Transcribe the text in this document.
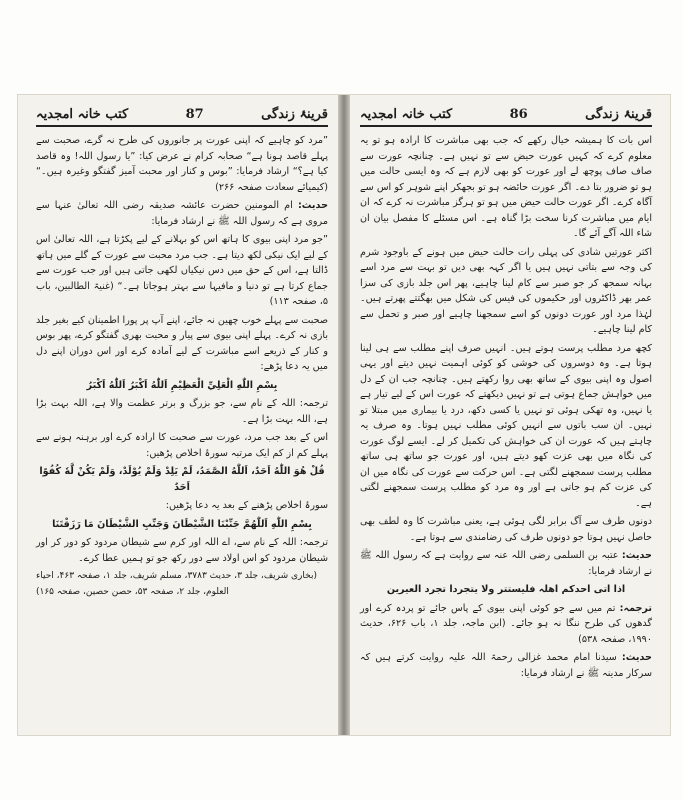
قرینۂ زندگی
87
کتب خانہ امجدیہ

”مرد کو چاہیے کہ اپنی عورت پر جانوروں کی طرح نہ گرے، صحبت سے پہلے قاصد ہونا ہے“ صحابہ کرام نے عرض کیا: ”یا رسول اللہ! وہ قاصد کیا ہے؟“ ارشاد فرمایا: ”بوس و کنار اور محبت آمیز گفتگو وغیرہ ہیں۔“ (کیمیائے سعادت صفحہ ۲۶۶)

حدیث: ام المومنین حضرت عائشہ صدیقہ رضی اللہ تعالیٰ عنہا سے مروی ہے کہ رسول اللہ ﷺ نے ارشاد فرمایا:

”جو مرد اپنی بیوی کا ہاتھ اس کو بہلانے کے لیے پکڑتا ہے، اللہ تعالیٰ اس کے لیے ایک نیکی لکھ دیتا ہے۔ جب مرد محبت سے عورت کے گلے میں ہاتھ ڈالتا ہے، اس کے حق میں دس نیکیاں لکھی جاتی ہیں اور جب عورت سے جماع کرتا ہے تو دنیا و مافیہا سے بہتر ہوجاتا ہے۔“ (غنیۃ الطالبین، باب ۵، صفحہ ۱۱۳)

صحبت سے پہلے خوب چھین نہ جائے، اپنے آپ پر پورا اطمینان کیے بغیر جلد بازی نہ کرے۔ پہلے اپنی بیوی سے پیار و محبت بھری گفتگو کرے، پھر بوس و کنار کے ذریعے اسے مباشرت کے لیے آمادہ کرے اور اس دوران اپنے دل میں یہ دعا پڑھے:

بِسْمِ اللّٰهِ الْعَلِيِّ الْعَظِيْمِ اَللّٰهُ اَكْبَرُ اَللّٰهُ اَكْبَرُ

ترجمہ: اللہ کے نام سے، جو بزرگ و برتر عظمت والا ہے، اللہ بہت بڑا ہے، اللہ بہت بڑا ہے۔

اس کے بعد جب مرد، عورت سے صحبت کا ارادہ کرے اور برہنہ ہونے سے پہلے کم از کم ایک مرتبہ سورۂ اخلاص پڑھیں:

قُلْ هُوَ اللّٰهُ اَحَدٌ، اَللّٰهُ الصَّمَدُ، لَمْ يَلِدْ وَلَمْ يُوْلَدْ، وَلَمْ يَكُنْ لَّهٗ كُفُوًا اَحَدٌ

سورۂ اخلاص پڑھنے کے بعد یہ دعا پڑھیں:

بِسْمِ اللّٰهِ اَللّٰهُمَّ جَنِّبْنَا الشَّيْطَانَ وَجَنِّبِ الشَّيْطَانَ مَا رَزَقْتَنَا

ترجمہ: اللہ کے نام سے، اے اللہ اور کرم سے شیطان مردود کو دور کر اور شیطان مردود کو اس اولاد سے دور رکھ جو تو ہمیں عطا کرے۔

(بخاری شریف، جلد ۳، حدیث ۳۷۸۳، مسلم شریف، جلد ۱، صفحہ ۴۶۳، احیاء العلوم، جلد ۲، صفحہ ۵۳، حصن حصین، صفحہ ۱۶۵)

قرینۂ زندگی
86
کتب خانہ امجدیہ

اس بات کا ہمیشہ خیال رکھے کہ جب بھی مباشرت کا ارادہ ہو تو یہ معلوم کرے کہ کہیں عورت حیض سے تو نہیں ہے۔ چنانچہ عورت سے صاف صاف پوچھ لے اور عورت کو بھی لازم ہے کہ وہ ایسی حالت میں ہو تو ضرور بتا دے۔ اگر عورت حائضہ ہو تو بجھکر اپنے شوہر کو اس سے آگاہ کرے۔ اگر عورت حالت حیض میں ہو تو ہرگز مباشرت نہ کرے کہ ان ایام میں مباشرت کرنا سخت بڑا گناہ ہے۔ اس مسئلے کا مفصل بیان ان شاء اللہ آگے آئے گا۔

اکثر عورتیں شادی کی پہلی رات حالت حیض میں ہونے کے باوجود شرم کی وجہ سے بتاتی نہیں ہیں یا اگر کہہ بھی دیں تو بہت سے مرد اسے بہانہ سمجھ کر جو صبر سے کام لینا چاہیے، پھر اس جلد بازی کی سزا عمر بھر ڈاکٹروں اور حکیموں کی فیس کی شکل میں بھگتتے پھرتے ہیں۔ لہٰذا مرد اور عورت دونوں کو اسے سمجھنا چاہیے اور صبر و تحمل سے کام لینا چاہیے۔

کچھ مرد مطلب پرست ہوتے ہیں۔ انہیں صرف اپنے مطلب سے ہی لینا ہوتا ہے۔ وہ دوسروں کی خوشی کو کوئی اہمیت نہیں دیتے اور یہی اصول وہ اپنی بیوی کے ساتھ بھی روا رکھتے ہیں۔ چنانچہ جب ان کے دل میں خواہش جماع ہوتی ہے تو نہیں دیکھتے کہ عورت اس کے لیے تیار ہے یا نہیں، وہ تھکی ہوئی تو نہیں یا کسی دکھ، درد یا بیماری میں مبتلا تو نہیں۔ ان سب باتوں سے انہیں کوئی مطلب نہیں ہوتا۔ وہ صرف یہ چاہتے ہیں کہ عورت ان کی خواہش کی تکمیل کر لے۔ ایسے لوگ عورت کی نگاہ میں بھی عزت کھو دیتے ہیں، اور عورت جو ساتھ ہی ساتھ مطلب پرست سمجھنے لگتی ہے۔ اس حرکت سے عورت کی نگاہ میں ان کی عزت کم ہو جاتی ہے اور وہ مرد کو مطلب پرست سمجھنے لگتی ہے۔

دونوں طرف سے آگ برابر لگی ہوئی ہے، یعنی مباشرت کا وہ لطف بھی حاصل نہیں ہوتا جو دونوں طرف کی رضامندی سے ہوتا ہے۔

حدیث: عتبہ بن السلمی رضی اللہ عنہ سے روایت ہے کہ رسول اللہ ﷺ نے ارشاد فرمایا:

اذا اتی احدکم اھلہ فلیستتر ولا یتجردا تجرد العیرین

ترجمہ: تم میں سے جو کوئی اپنی بیوی کے پاس جائے تو پردہ کرے اور گدھوں کی طرح ننگا نہ ہو جائے۔ (ابن ماجہ، جلد ۱، باب ۶۲۶، حدیث ۱۹۹۰، صفحہ ۵۳۸)

حدیث: سیدنا امام محمد غزالی رحمۃ اللہ علیہ روایت کرتے ہیں کہ سرکار مدینہ ﷺ نے ارشاد فرمایا:
